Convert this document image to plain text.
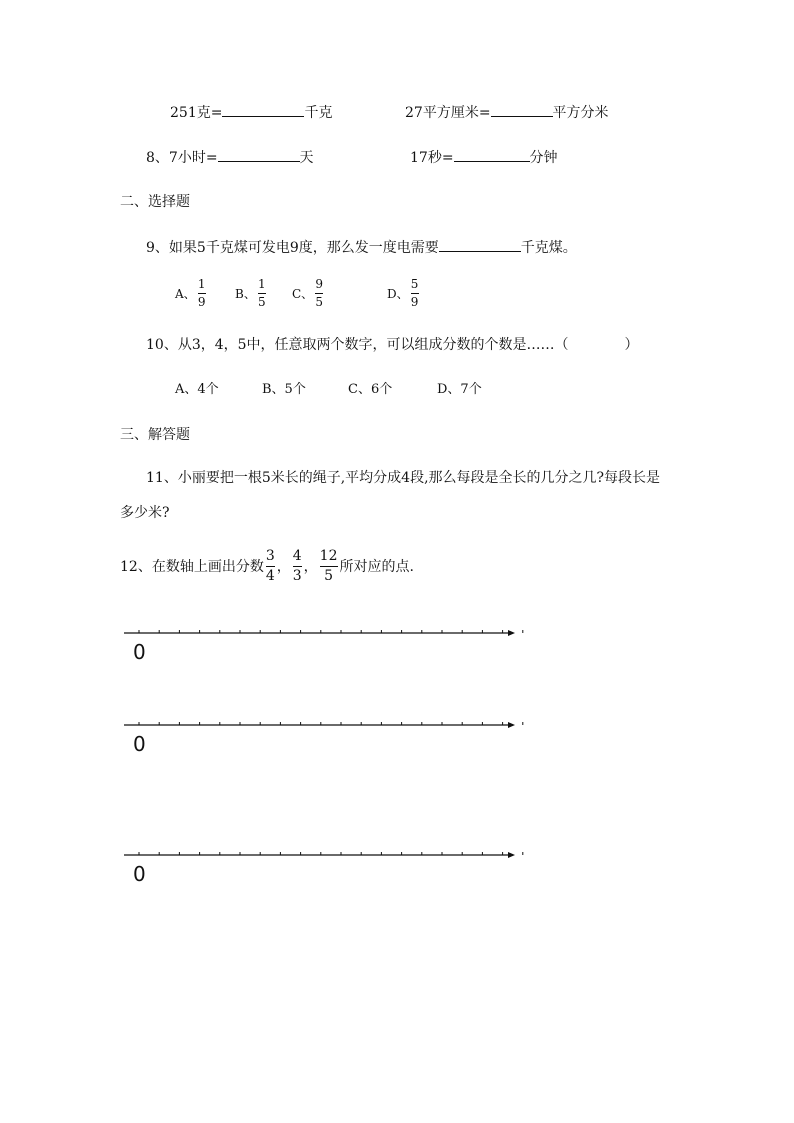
251克=	千克	27平方厘米=	平方分米
8、7小时=	天	17秒=	分钟
二、选择题
9、如果5千克煤可发电9度，那么发一度电需要	千克煤。
A、 $\frac{1}{9}$ B、 $\frac{1}{5}$ C、 $\frac{9}{5}$	D、 $\frac{5}{9}$
10、从3，4，5中，任意取两个数字，可以组成分数的个数是……（	）
A、4个	B、5个	C、6个	D、7个
三、解答题
11、小丽要把一根5米长的绳子,平均分成4段,那么每段是全长的几分之几?每段长是
多少米?
12、在数轴上画出分数 $\frac{3}{4}$ ， $\frac{4}{3}$ ， $\frac{12}{5}$ 所对应的点.
0
0
0
